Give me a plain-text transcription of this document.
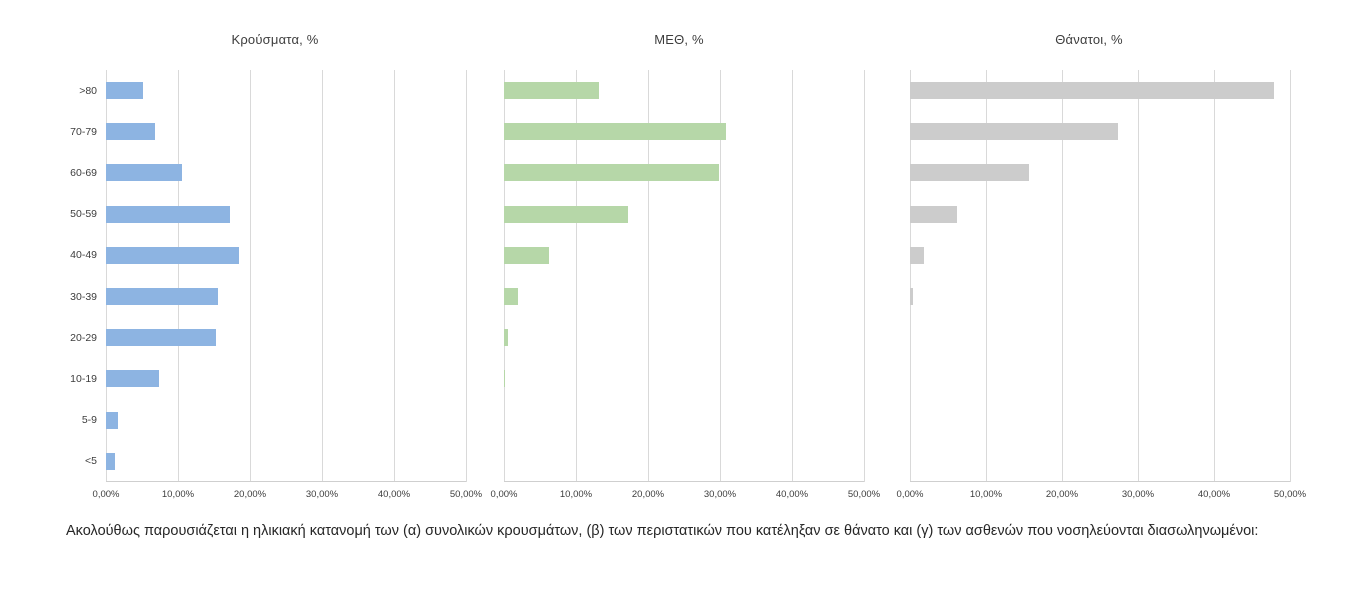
Κρούσματα, %
0,00%	10,00%	20,00%	30,00%	40,00%	50,00%
>80
70-79
60-69
50-59
40-49
30-39
20-29
10-19
5-9
<5
ΜΕΘ, %
0,00%	10,00%	20,00%	30,00%	40,00%	50,00%
Θάνατοι, %
0,00%	10,00%	20,00%	30,00%	40,00%	50,00%
Ακολούθως παρουσιάζεται η ηλικιακή κατανομή των (α) συνολικών κρουσμάτων, (β) των περιστατικών που κατέληξαν σε θάνατο και (γ) των ασθενών που νοσηλεύονται διασωληνωμένοι:
